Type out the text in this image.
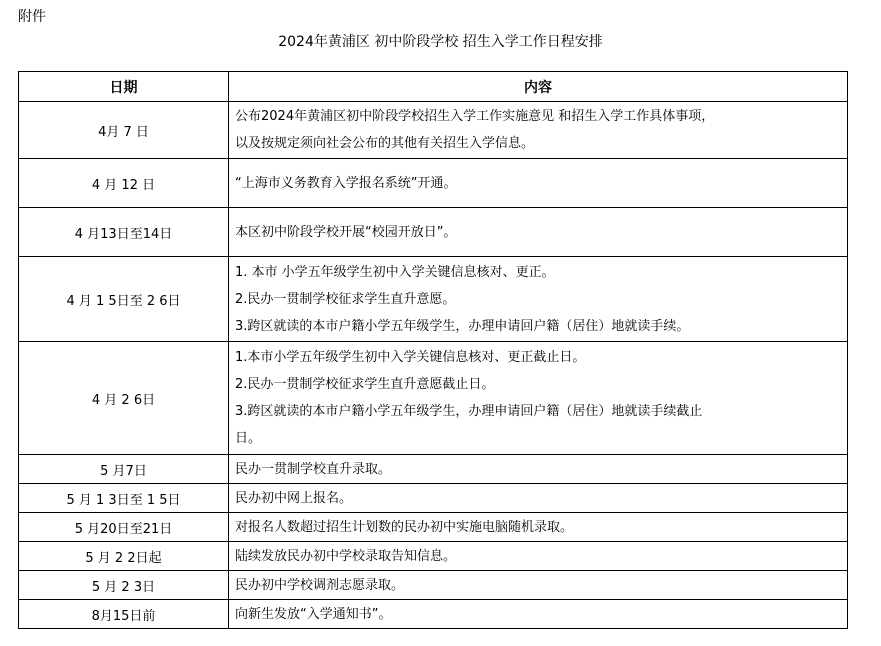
附件
2024年黄浦区 初中阶段学校 招生入学工作日程安排
日期	内容
4月 7 日	公布2024年黄浦区初中阶段学校招生入学工作实施意见 和招生入学工作具体事项，
以及按规定须向社会公布的其他有关招生入学信息。

4 月 12 日	“上海市义务教育入学报名系统”开通。

4 月13日至14日	本区初中阶段学校开展“校园开放日”。

4 月 1 5日至 2 6日	1. 本市 小学五年级学生初中入学关键信息核对、更正。
2.民办一贯制学校征求学生直升意愿。
3.跨区就读的本市户籍小学五年级学生，办理申请回户籍（居住）地就读手续。

4 月 2 6日	1.本市小学五年级学生初中入学关键信息核对、更正截止日。
2.民办一贯制学校征求学生直升意愿截止日。
3.跨区就读的本市户籍小学五年级学生，办理申请回户籍（居住）地就读手续截止
日。

5 月7日	民办一贯制学校直升录取。

5 月 1 3日至 1 5日	民办初中网上报名。

5 月20日至21日	对报名人数超过招生计划数的民办初中实施电脑随机录取。

5 月 2 2日起	陆续发放民办初中学校录取告知信息。

5 月 2 3日	民办初中学校调剂志愿录取。

8月15日前	向新生发放“入学通知书”。
